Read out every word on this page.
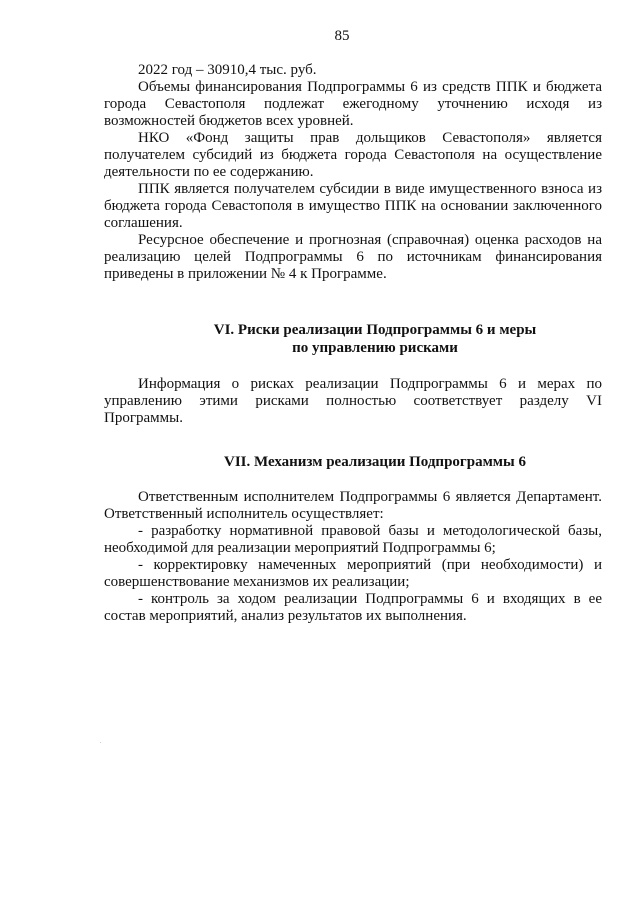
85

2022 год – 30910,4 тыс. руб.

Объемы финансирования Подпрограммы 6 из средств ППК и бюджета города Севастополя подлежат ежегодному уточнению исходя из возможностей бюджетов всех уровней.

НКО «Фонд защиты прав дольщиков Севастополя» является получателем субсидий из бюджета города Севастополя на осуществление деятельности по ее содержанию.

ППК является получателем субсидии в виде имущественного взноса из бюджета города Севастополя в имущество ППК на основании заключенного соглашения.

Ресурсное обеспечение и прогнозная (справочная) оценка расходов на реализацию целей Подпрограммы 6 по источникам финансирования приведены в приложении № 4 к Программе.

VI. Риски реализации Подпрограммы 6 и меры
по управлению рисками

Информация о рисках реализации Подпрограммы 6 и мерах по управлению этими рисками полностью соответствует разделу VI Программы.

VII. Механизм реализации Подпрограммы 6

Ответственным исполнителем Подпрограммы 6 является Департамент. Ответственный исполнитель осуществляет:

- разработку нормативной правовой базы и методологической базы, необходимой для реализации мероприятий Подпрограммы 6;

- корректировку намеченных мероприятий (при необходимости) и совершенствование механизмов их реализации;

- контроль за ходом реализации Подпрограммы 6 и входящих в ее состав мероприятий, анализ результатов их выполнения.
